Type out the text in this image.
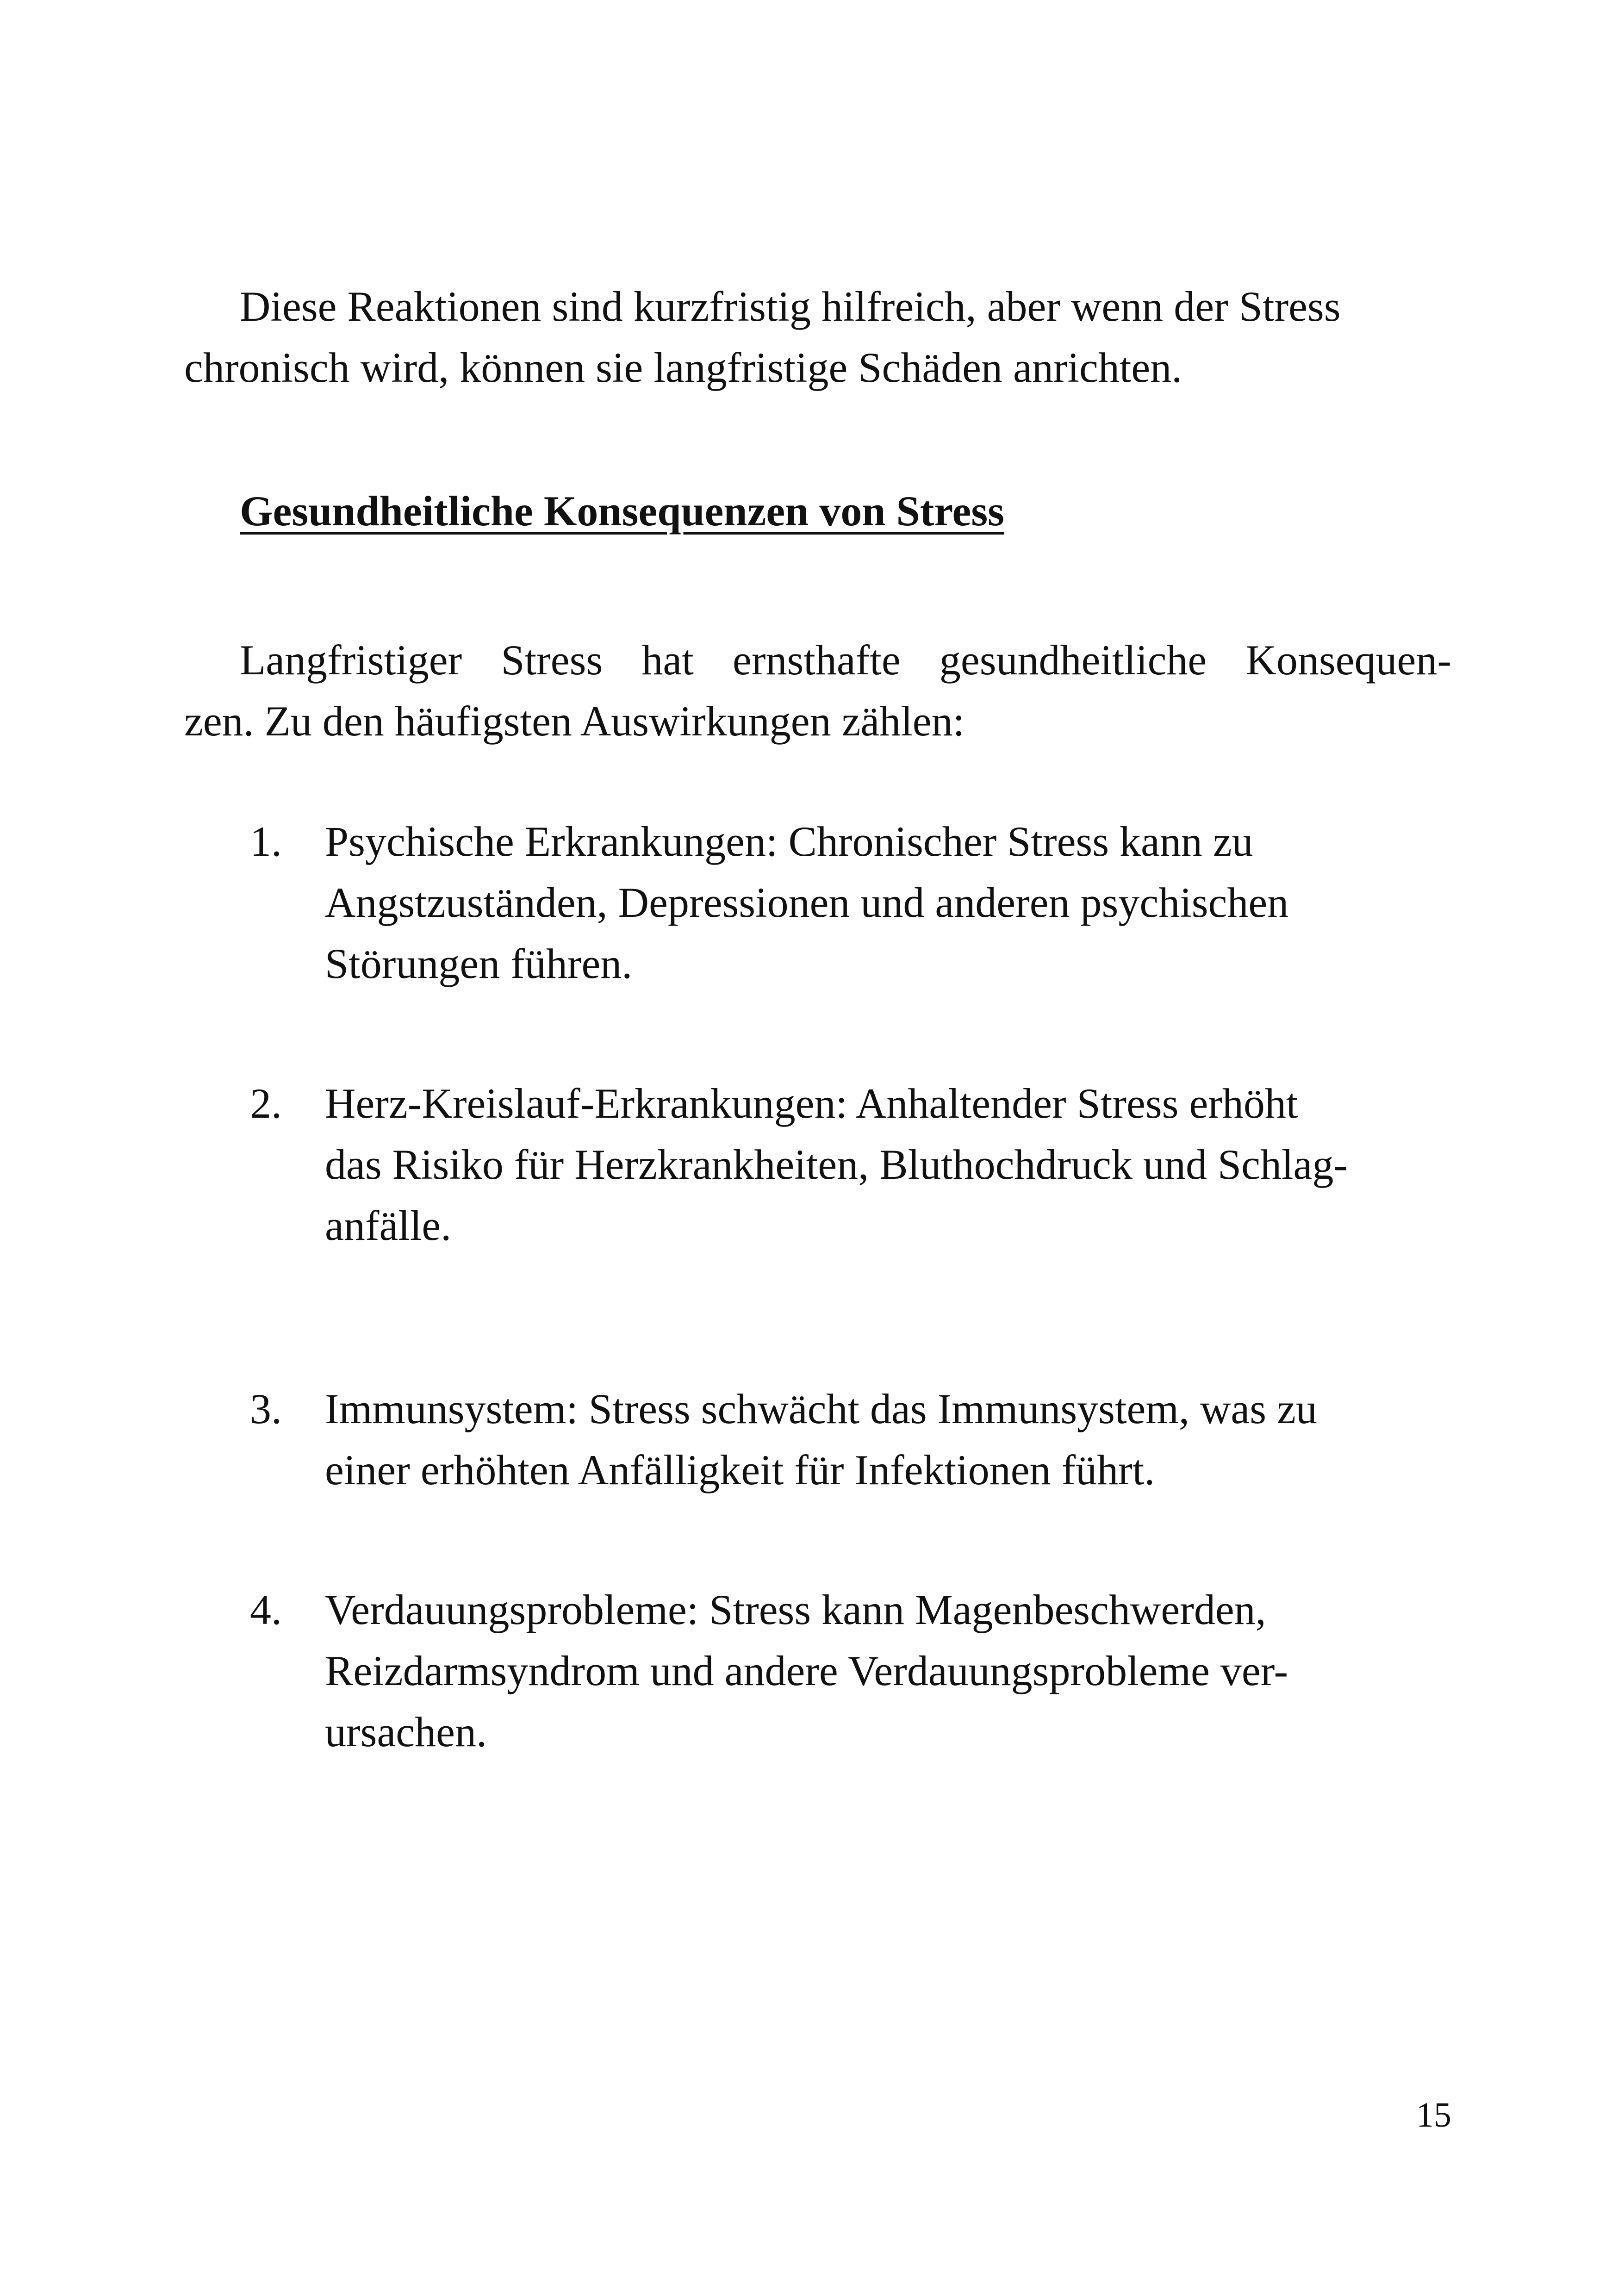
Diese Reaktionen sind kurzfristig hilfreich, aber wenn der Stress

chronisch wird, können sie langfristige Schäden anrichten.

Gesundheitliche Konsequenzen von Stress

Langfristiger Stress hat ernsthafte gesundheitliche Konsequen-

zen. Zu den häufigsten Auswirkungen zählen:

1. Psychische Erkrankungen: Chronischer Stress kann zu
Angstzuständen, Depressionen und anderen psychischen
Störungen führen.
2. Herz-Kreislauf-Erkrankungen: Anhaltender Stress erhöht
das Risiko für Herzkrankheiten, Bluthochdruck und Schlag-
anfälle.
3. Immunsystem: Stress schwächt das Immunsystem, was zu
einer erhöhten Anfälligkeit für Infektionen führt.
4. Verdauungsprobleme: Stress kann Magenbeschwerden,
Reizdarmsyndrom und andere Verdauungsprobleme ver-
ursachen.
15
